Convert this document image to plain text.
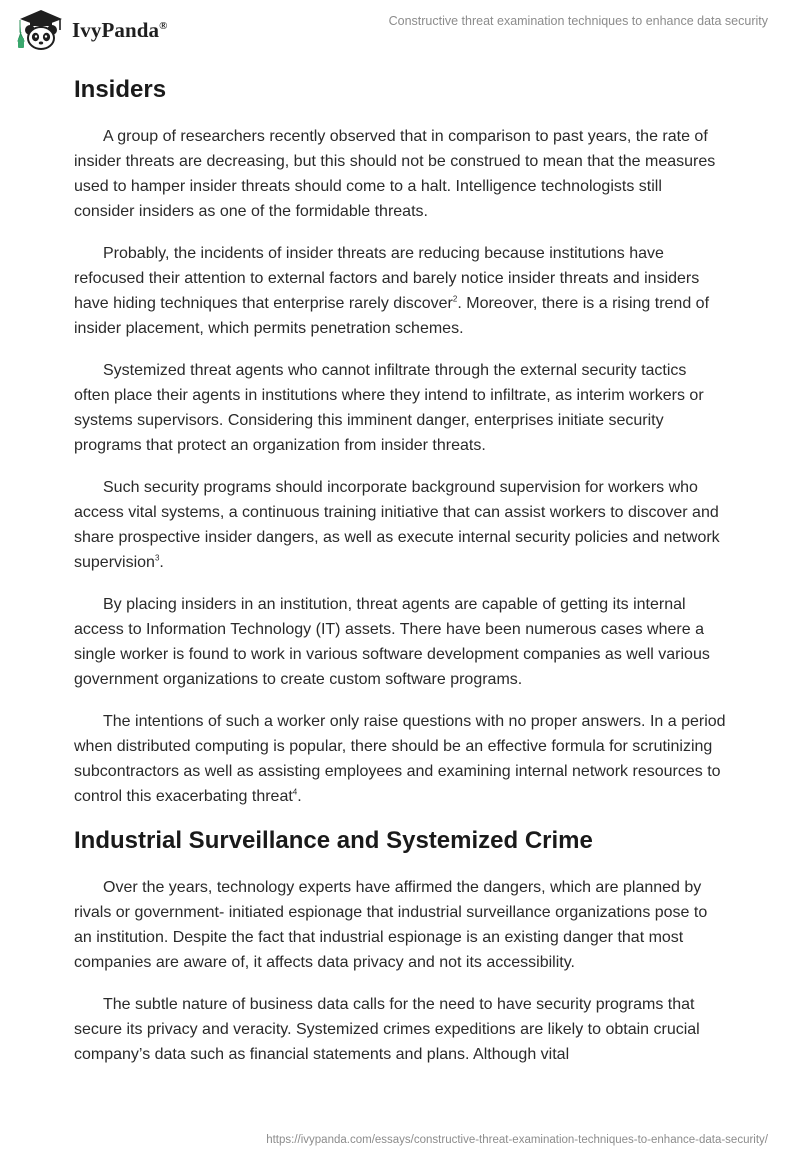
IvyPanda®	Constructive threat examination techniques to enhance data security
Insiders

A group of researchers recently observed that in comparison to past years, the rate of insider threats are decreasing, but this should not be construed to mean that the measures used to hamper insider threats should come to a halt. Intelligence technologists still consider insiders as one of the formidable threats.

Probably, the incidents of insider threats are reducing because institutions have refocused their attention to external factors and barely notice insider threats and insiders have hiding techniques that enterprise rarely discover$^2$. Moreover, there is a rising trend of insider placement, which permits penetration schemes.

Systemized threat agents who cannot infiltrate through the external security tactics often place their agents in institutions where they intend to infiltrate, as interim workers or systems supervisors. Considering this imminent danger, enterprises initiate security programs that protect an organization from insider threats.

Such security programs should incorporate background supervision for workers who access vital systems, a continuous training initiative that can assist workers to discover and share prospective insider dangers, as well as execute internal security policies and network supervision$^3$.

By placing insiders in an institution, threat agents are capable of getting its internal access to Information Technology (IT) assets. There have been numerous cases where a single worker is found to work in various software development companies as well various government organizations to create custom software programs.

The intentions of such a worker only raise questions with no proper answers. In a period when distributed computing is popular, there should be an effective formula for scrutinizing subcontractors as well as assisting employees and examining internal network resources to control this exacerbating threat$^4$.

Industrial Surveillance and Systemized Crime

Over the years, technology experts have affirmed the dangers, which are planned by rivals or government- initiated espionage that industrial surveillance organizations pose to an institution. Despite the fact that industrial espionage is an existing danger that most companies are aware of, it affects data privacy and not its accessibility.

The subtle nature of business data calls for the need to have security programs that secure its privacy and veracity. Systemized crimes expeditions are likely to obtain crucial company’s data such as financial statements and plans. Although vital

https://ivypanda.com/essays/constructive-threat-examination-techniques-to-enhance-data-security/
